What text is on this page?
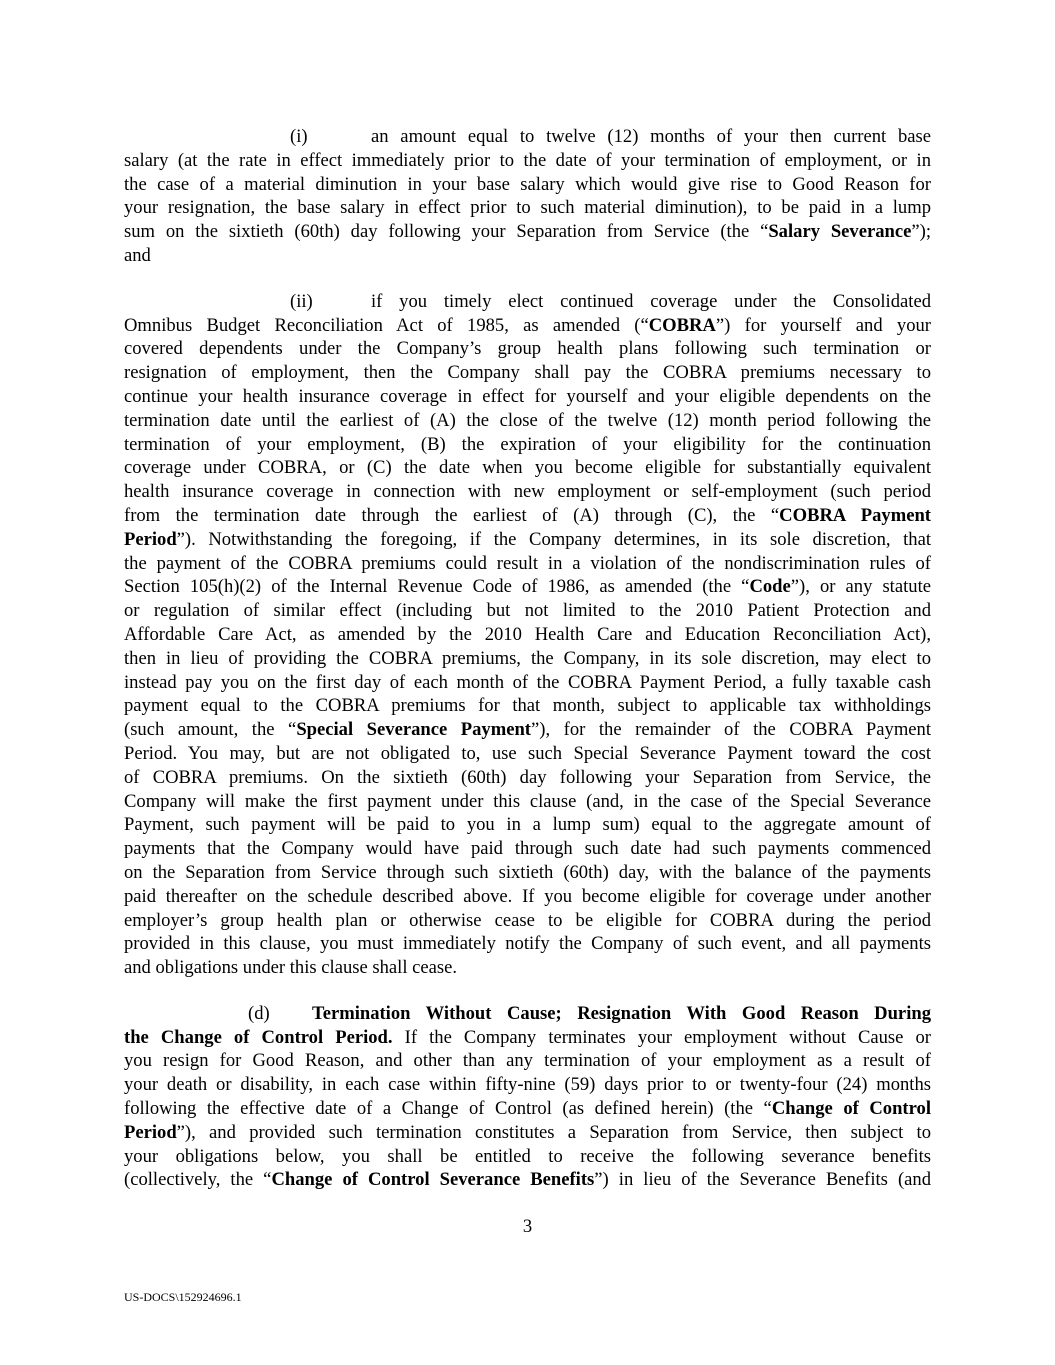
(i)	an amount equal to twelve (12) months of your then current base
salary (at the rate in effect immediately prior to the date of your termination of employment, or in
the case of a material diminution in your base salary which would give rise to Good Reason for
your resignation, the base salary in effect prior to such material diminution), to be paid in a lump
sum on the sixtieth (60th) day following your Separation from Service (the “Salary Severance”);
and
(ii)	if you timely elect continued coverage under the Consolidated
Omnibus Budget Reconciliation Act of 1985, as amended (“COBRA”) for yourself and your
covered dependents under the Company’s group health plans following such termination or
resignation of employment, then the Company shall pay the COBRA premiums necessary to
continue your health insurance coverage in effect for yourself and your eligible dependents on the
termination date until the earliest of (A) the close of the twelve (12) month period following the
termination of your employment, (B) the expiration of your eligibility for the continuation
coverage under COBRA, or (C) the date when you become eligible for substantially equivalent
health insurance coverage in connection with new employment or self-employment (such period
from the termination date through the earliest of (A) through (C), the “COBRA Payment
Period”). Notwithstanding the foregoing, if the Company determines, in its sole discretion, that
the payment of the COBRA premiums could result in a violation of the nondiscrimination rules of
Section 105(h)(2) of the Internal Revenue Code of 1986, as amended (the “Code”), or any statute
or regulation of similar effect (including but not limited to the 2010 Patient Protection and
Affordable Care Act, as amended by the 2010 Health Care and Education Reconciliation Act),
then in lieu of providing the COBRA premiums, the Company, in its sole discretion, may elect to
instead pay you on the first day of each month of the COBRA Payment Period, a fully taxable cash
payment equal to the COBRA premiums for that month, subject to applicable tax withholdings
(such amount, the “Special Severance Payment”), for the remainder of the COBRA Payment
Period. You may, but are not obligated to, use such Special Severance Payment toward the cost
of COBRA premiums. On the sixtieth (60th) day following your Separation from Service, the
Company will make the first payment under this clause (and, in the case of the Special Severance
Payment, such payment will be paid to you in a lump sum) equal to the aggregate amount of
payments that the Company would have paid through such date had such payments commenced
on the Separation from Service through such sixtieth (60th) day, with the balance of the payments
paid thereafter on the schedule described above. If you become eligible for coverage under another
employer’s group health plan or otherwise cease to be eligible for COBRA during the period
provided in this clause, you must immediately notify the Company of such event, and all payments
and obligations under this clause shall cease.
(d) Termination Without Cause; Resignation With Good Reason During
the Change of Control Period. If the Company terminates your employment without Cause or
you resign for Good Reason, and other than any termination of your employment as a result of
your death or disability, in each case within fifty-nine (59) days prior to or twenty-four (24) months
following the effective date of a Change of Control (as defined herein) (the “Change of Control
Period”), and provided such termination constitutes a Separation from Service, then subject to
your obligations below, you shall be entitled to receive the following severance benefits
(collectively, the “Change of Control Severance Benefits”) in lieu of the Severance Benefits (and
3
US-DOCS\152924696.1
